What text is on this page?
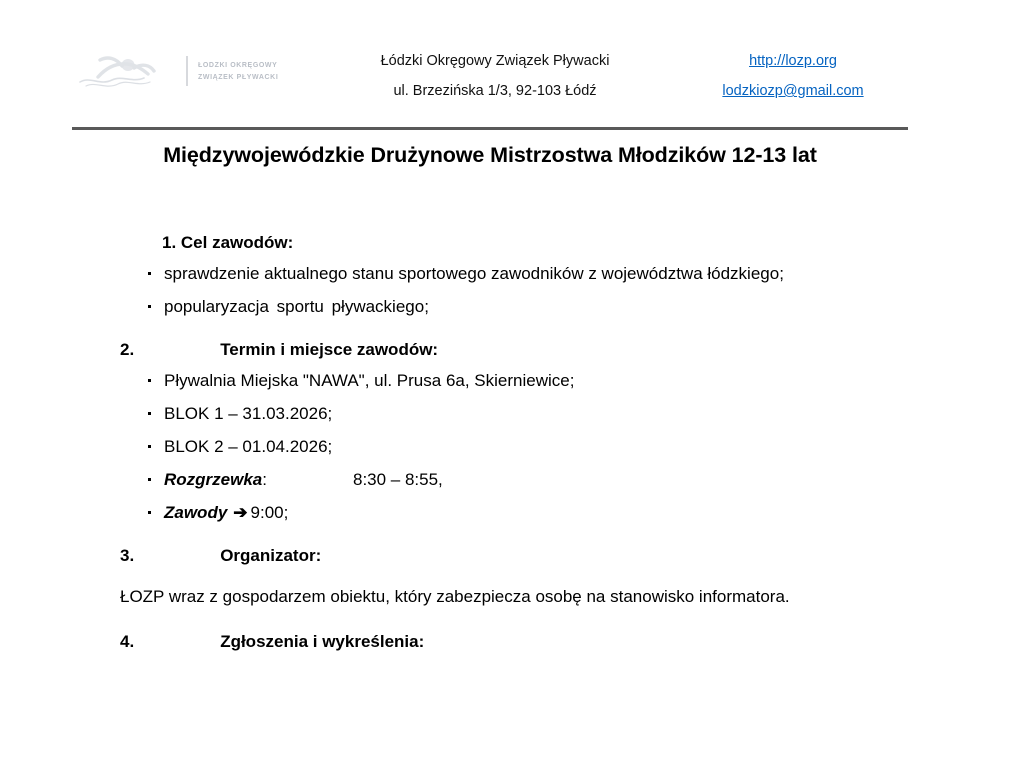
ŁÓDZKI OKRĘGOWY
ZWIĄZEK PŁYWACKI
Łódzki Okręgowy Związek Pływacki
ul. Brzezińska 1/3, 92-103 Łódź
http://lozp.org
lodzkiozp@gmail.com
Międzywojewódzkie Drużynowe Mistrzostwa Młodzików 12-13 lat

1. Cel zawodów:

sprawdzenie aktualnego stanu sportowego zawodników z województwa łódzkiego;
popularyzacja sportu pływackiego;

2.	Termin i miejsce zawodów:

Pływalnia Miejska "NAWA", ul. Prusa 6a, Skierniewice;
BLOK 1 – 31.03.2026;
BLOK 2 – 01.04.2026;
Rozgrzewka:	8:30 – 8:55,
Zawody ➔ 9:00;

3.	Organizator:

ŁOZP wraz z gospodarzem obiektu, który zabezpiecza osobę na stanowisko informatora.

4.	Zgłoszenia i wykreślenia:
